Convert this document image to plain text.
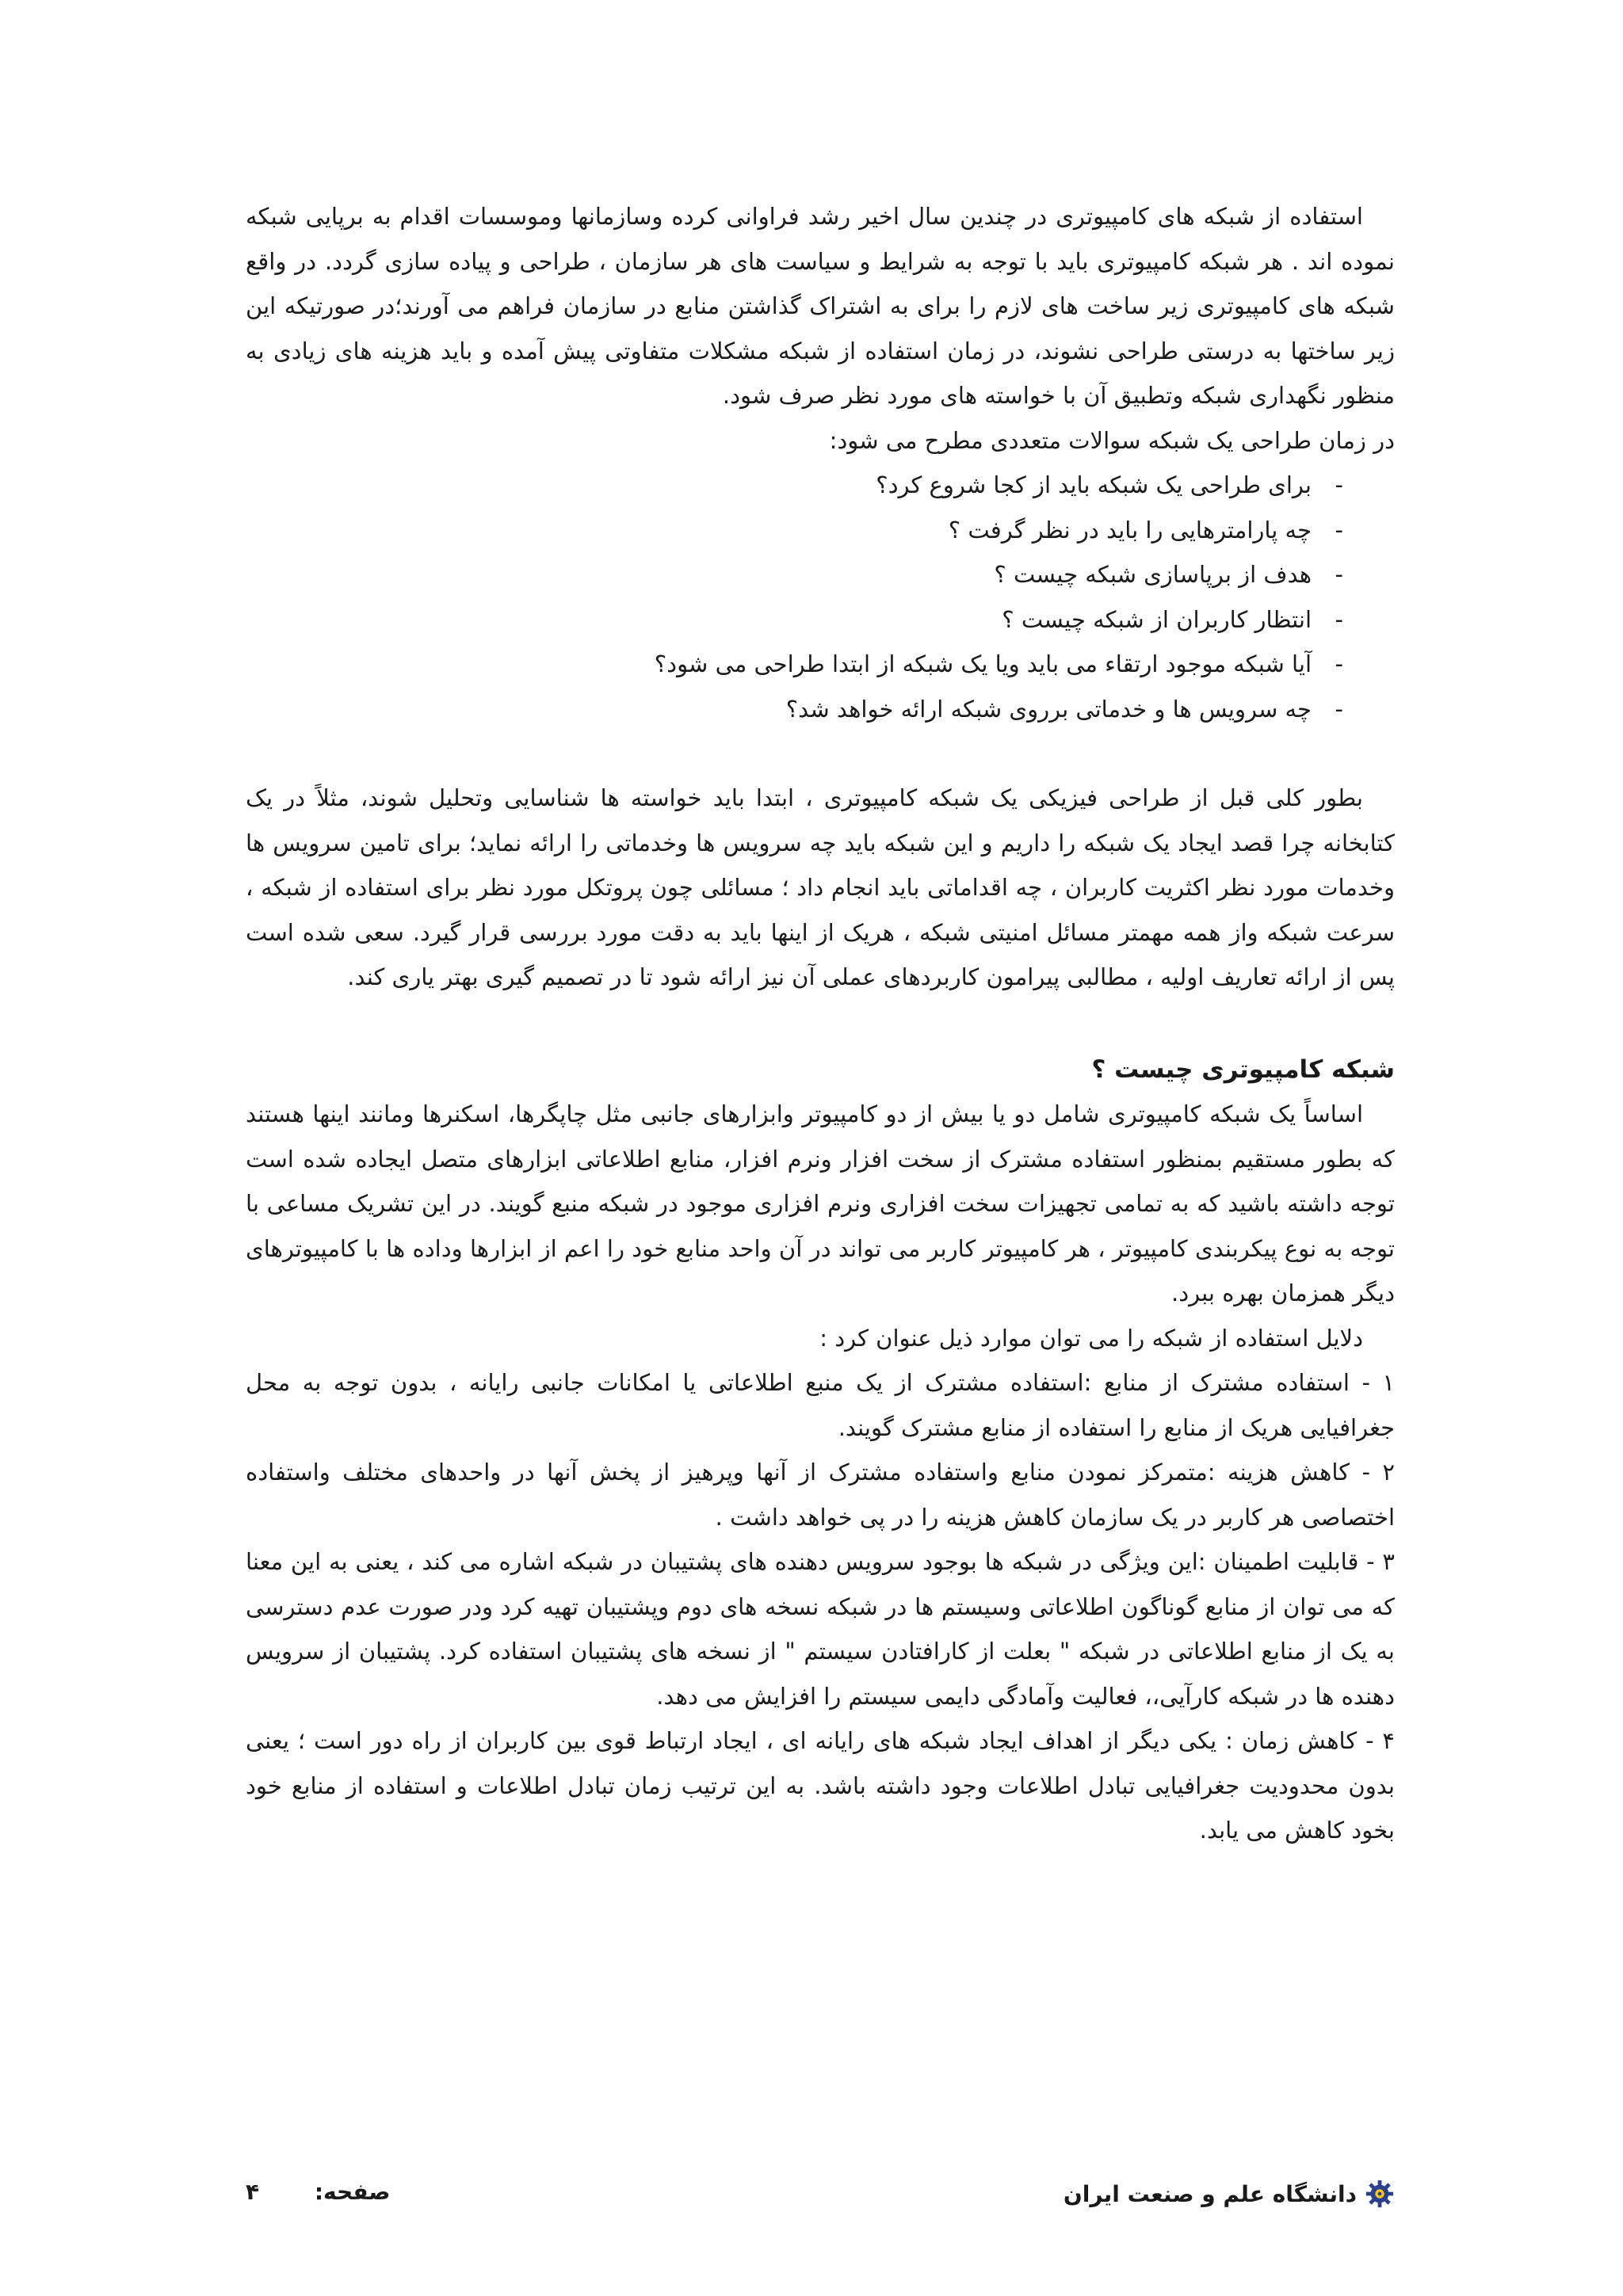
استفاده از شبکه های کامپیوتری در چندین سال اخیر رشد فراوانی کرده وسازمانها وموسسات اقدام به برپایی شبکه نموده اند . هر شبکه کامپیوتری باید با توجه به شرایط و سیاست های هر سازمان ، طراحی و پیاده سازی گردد. در واقع شبکه های کامپیوتری زیر ساخت های لازم را برای به اشتراک گذاشتن منابع در سازمان فراهم می آورند؛در صورتیکه این زیر ساختها به درستی طراحی نشوند، در زمان استفاده از شبکه مشکلات متفاوتی پیش آمده و باید هزینه های زیادی به منظور نگهداری شبکه وتطبیق آن با خواسته های مورد نظر صرف شود.

در زمان طراحی یک شبکه سوالات متعددی مطرح می شود:

- برای طراحی یک شبکه باید از کجا شروع کرد؟
- چه پارامترهایی را باید در نظر گرفت ؟
- هدف از برپاسازی شبکه چیست ؟
- انتظار کاربران از شبکه چیست ؟
- آیا شبکه موجود ارتقاء می باید ویا یک شبکه از ابتدا طراحی می شود؟
- چه سرویس ها و خدماتی برروی شبکه ارائه خواهد شد؟

بطور کلی قبل از طراحی فیزیکی یک شبکه کامپیوتری ، ابتدا باید خواسته ها شناسایی وتحلیل شوند، مثلاً در یک کتابخانه چرا قصد ایجاد یک شبکه را داریم و این شبکه باید چه سرویس ها وخدماتی را ارائه نماید؛ برای تامین سرویس ها وخدمات مورد نظر اکثریت کاربران ، چه اقداماتی باید انجام داد ؛ مسائلی چون پروتکل مورد نظر برای استفاده از شبکه ، سرعت شبکه واز همه مهمتر مسائل امنیتی شبکه ، هریک از اینها باید به دقت مورد بررسی قرار گیرد. سعی شده است پس از ارائه تعاریف اولیه ، مطالبی پیرامون کاربردهای عملی آن نیز ارائه شود تا در تصمیم گیری بهتر یاری کند.

شبکه کامپیوتری چیست ؟

اساساً یک شبکه کامپیوتری شامل دو یا بیش از دو کامپیوتر وابزارهای جانبی مثل چاپگرها، اسکنرها ومانند اینها هستند که بطور مستقیم بمنظور استفاده مشترک از سخت افزار ونرم افزار، منابع اطلاعاتی ابزارهای متصل ایجاده شده است توجه داشته باشید که به تمامی تجهیزات سخت افزاری ونرم افزاری موجود در شبکه منبع گویند. در این تشریک مساعی با توجه به نوع پیکربندی کامپیوتر ، هر کامپیوتر کاربر می تواند در آن واحد منابع خود را اعم از ابزارها وداده ها با کامپیوترهای دیگر همزمان بهره ببرد.

دلایل استفاده از شبکه را می توان موارد ذیل عنوان کرد :

۱ - استفاده مشترک از منابع :استفاده مشترک از یک منبع اطلاعاتی یا امکانات جانبی رایانه ، بدون توجه به محل جغرافیایی هریک از منابع را استفاده از منابع مشترک گویند.

۲ - کاهش هزینه :متمرکز نمودن منابع واستفاده مشترک از آنها وپرهیز از پخش آنها در واحدهای مختلف واستفاده اختصاصی هر کاربر در یک سازمان کاهش هزینه را در پی خواهد داشت .

۳ - قابلیت اطمینان :این ویژگی در شبکه ها بوجود سرویس دهنده های پشتیبان در شبکه اشاره می کند ، یعنی به این معنا که می توان از منابع گوناگون اطلاعاتی وسیستم ها در شبکه نسخه های دوم وپشتیبان تهیه کرد ودر صورت عدم دسترسی به یک از منابع اطلاعاتی در شبکه " بعلت از کارافتادن سیستم " از نسخه های پشتیبان استفاده کرد. پشتیبان از سرویس دهنده ها در شبکه کارآیی،، فعالیت وآمادگی دایمی سیستم را افزایش می دهد.

۴ - کاهش زمان : یکی دیگر از اهداف ایجاد شبکه های رایانه ای ، ایجاد ارتباط قوی بین کاربران از راه دور است ؛ یعنی بدون محدودیت جغرافیایی تبادل اطلاعات وجود داشته باشد. به این ترتیب زمان تبادل اطلاعات و استفاده از منابع خود بخود کاهش می یابد.

دانشگاه علم و صنعت ایران
صفحه: ۴
